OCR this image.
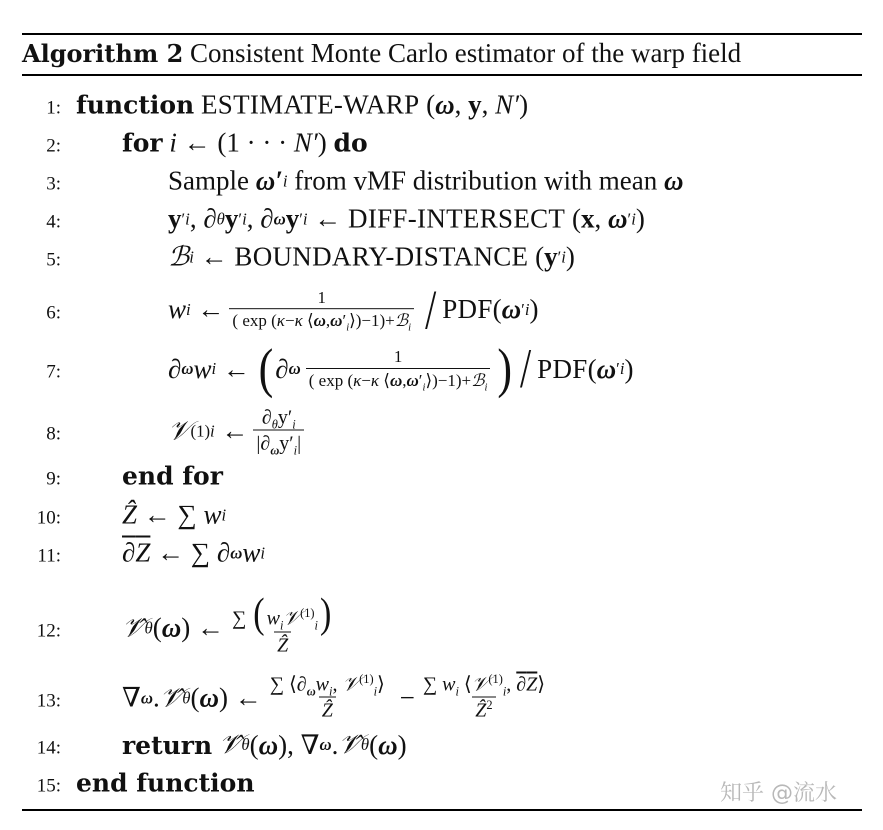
Algorithm 2 Consistent Monte Carlo estimator of the warp field
1: function
ESTIMATE-WARP ( ω , y , N′ )
2: for
i ← (1 · · · N′ ) do
3:	Sample
ω′ i
from vMF distribution with mean
ω
4:	y ′ i , ∂ θ y ′ i , ∂ ω y ′ i ← DIFF-INTERSECT ( x , ω ′ i )
5:	ℬ i ← BOUNDARY-DISTANCE ( y ′ i )
6:	w i ← $\frac{1}{( \exp (\kappa-\kappa ⟨\omega,\omega'_i⟩)-1)+ℬ_i}$ / PDF ( ω ′ i )
7:	∂ ω w i ← ( ∂ ω $\frac{1}{( \exp (\kappa-\kappa ⟨\omega,\omega'_i⟩)-1)+ℬ_i}$ ) / PDF ( ω ′ i )
8:	𝒱 (1) i ← $\frac{\partial_\theta y'_i}{|\partial_\omega y'_i|}$
9: end for
10: Ẑ ← ∑ w i
11: ∂Z ← ∑ ∂ ω w i
12: 𝒱̂ θ ( ω ) ← $\frac{\sum ( w_i𝒱^{(1)}_i)}{\text{Ẑ}}$
13: ∇ ω . 𝒱̂ θ ( ω ) ← $\frac{\sum ⟨\partial_\omega w_i, 𝒱^{(1)}_i⟩}{\text{Ẑ}} - \frac{\sum w_i ⟨𝒱^{(1)}_i, \partial Z⟩}{Ẑ^2}$
14: return
𝒱̂ θ ( ω ), ∇ ω . 𝒱̂ θ ( ω )
15: end function	知乎 @流水
